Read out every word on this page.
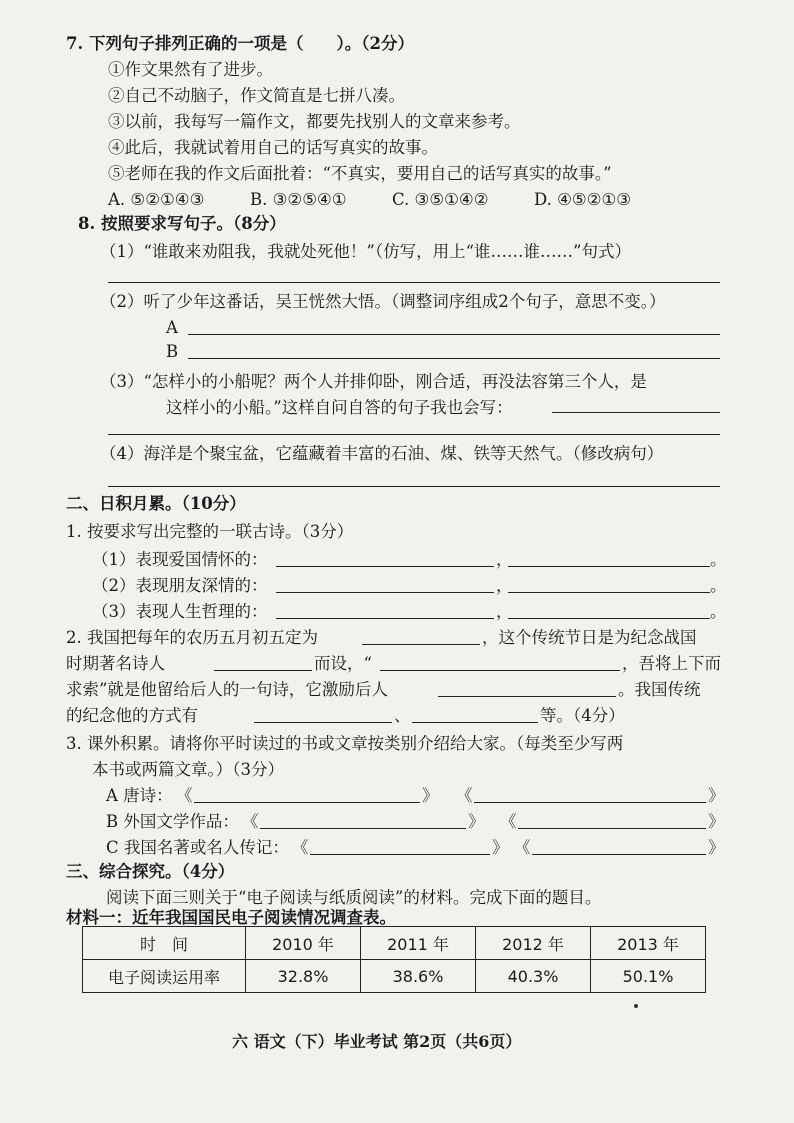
7. 下列句子排列正确的一项是（　　）。（2分）
①作文果然有了进步。
②自己不动脑子，作文简直是七拼八凑。
③以前，我每写一篇作文，都要先找别人的文章来参考。
④此后，我就试着用自己的话写真实的故事。
⑤老师在我的作文后面批着：“不真实，要用自己的话写真实的故事。”
A. ⑤②①④③	B. ③②⑤④①	C. ③⑤①④②	D. ④⑤②①③
8. 按照要求写句子。（8分）
（1）“谁敢来劝阻我，我就处死他！”（仿写，用上“谁……谁……”句式）
（2）听了少年这番话，吴王恍然大悟。（调整词序组成2个句子，意思不变。）
A
B
（3）“怎样小的小船呢？两个人并排仰卧，刚合适，再没法容第三个人，是
这样小的小船。”这样自问自答的句子我也会写：
（4）海洋是个聚宝盆，它蕴藏着丰富的石油、煤、铁等天然气。（修改病句）
二、日积月累。（10分）
1. 按要求写出完整的一联古诗。（3分）
（1）表现爱国情怀的：	，	。
（2）表现朋友深情的：	，	。
（3）表现人生哲理的：	，	。
2. 我国把每年的农历五月初五定为	，这个传统节日是为纪念战国
时期著名诗人	而设，“	，吾将上下而
求索”就是他留给后人的一句诗，它激励后人	。我国传统
的纪念他的方式有	、	等。（4分）
3. 课外积累。请将你平时读过的书或文章按类别介绍给大家。（每类至少写两
本书或两篇文章。）（3分）
A 唐诗： 《	》 《	》
B 外国文学作品： 《	》 《	》
C 我国名著或名人传记： 《	》 《	》
三、综合探究。（4分）
阅读下面三则关于“电子阅读与纸质阅读”的材料。完成下面的题目。
材料一：近年我国国民电子阅读情况调查表。
时　间	2010 年	2011 年	2012 年	2013 年
电子阅读运用率	32.8%	38.6%	40.3%	50.1%
六 语文（下）毕业考试 第2页（共6页）
